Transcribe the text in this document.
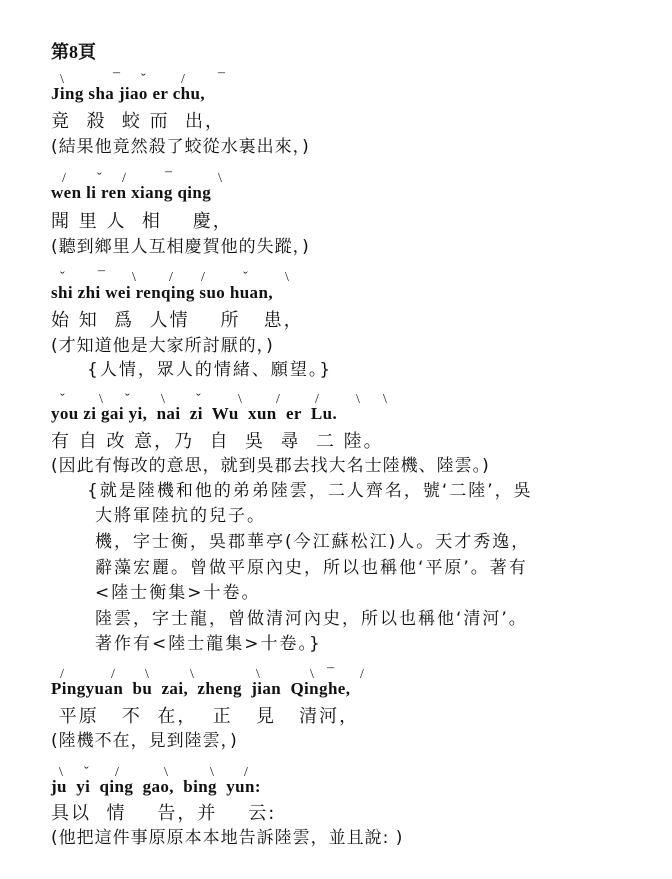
第8頁
Jing sha jiao er chu,
\	¯ ˇ	/ ¯
竟  殺  蛟 而  出，
(結果他竟然殺了蛟從水裏出來，)
wen li ren xiang qing
/ ˇ /	¯	\
聞 里 人  相    慶，
(聽到鄉里人互相慶賀他的失蹤，)
shi zhi wei renqing suo huan,
ˇ ¯ \ / /	ˇ	\
始 知  爲  人情    所   患，
(才知道他是大家所討厭的，)
{人情，眾人的情緒、願望。}
you zi gai yi,  nai  zi  Wu  xun  er  Lu.
ˇ \ ˇ \ ˇ	\ /	/	\ \
有 自 改 意，乃  自  吳  尋  二 陸。
(因此有悔改的意思，就到吳郡去找大名士陸機、陸雲。)
{就是陸機和他的弟弟陸雲，二人齊名，號‘二陸’，吳
大將軍陸抗的兒子。
機，字士衡，吳郡華亭(今江蘇松江)人。天才秀逸，
辭藻宏麗。曾做平原內史，所以也稱他‘平原’。著有
<陸士衡集>十卷。
陸雲，字士龍，曾做清河內史，所以也稱他‘清河’。
著作有<陸士龍集>十卷。}
Pingyuan  bu  zai,  zheng  jian  Qinghe,
/	/ \	\	\	\ ¯ /
平原   不  在，  正   見   清河，
(陸機不在，見到陸雲，)
ju  yi  qing  gao,  bing  yun:
\ ˇ /	\	\ /
具以  情    告，并    云:
(他把這件事原原本本地告訴陸雲，並且說: )
